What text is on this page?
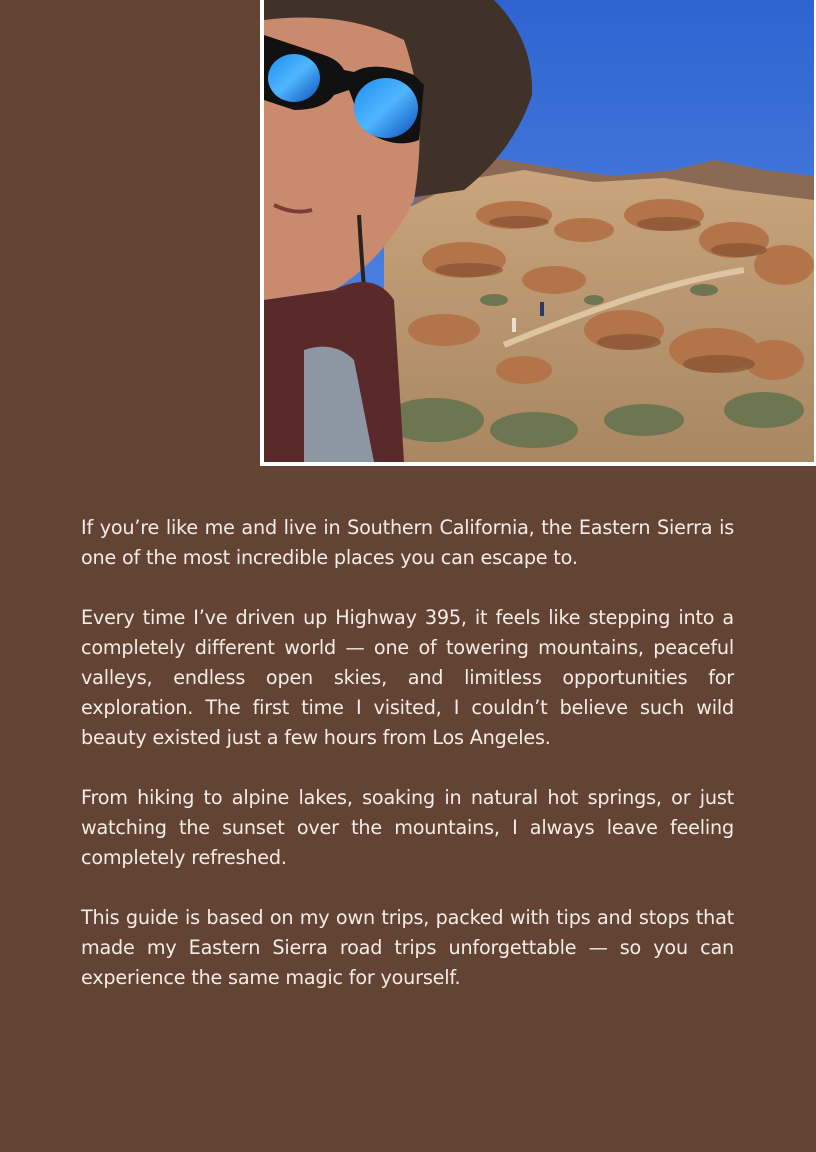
If you’re like me and live in Southern California, the Eastern Sierra is one of the most incredible places you can escape to.

Every time I’ve driven up Highway 395, it feels like stepping into a completely different world — one of towering mountains, peaceful valleys, endless open skies, and limitless opportunities for exploration. The first time I visited, I couldn’t believe such wild beauty existed just a few hours from Los Angeles.

From hiking to alpine lakes, soaking in natural hot springs, or just watching the sunset over the mountains, I always leave feeling completely refreshed.

This guide is based on my own trips, packed with tips and stops that made my Eastern Sierra road trips unforgettable — so you can experience the same magic for yourself.
